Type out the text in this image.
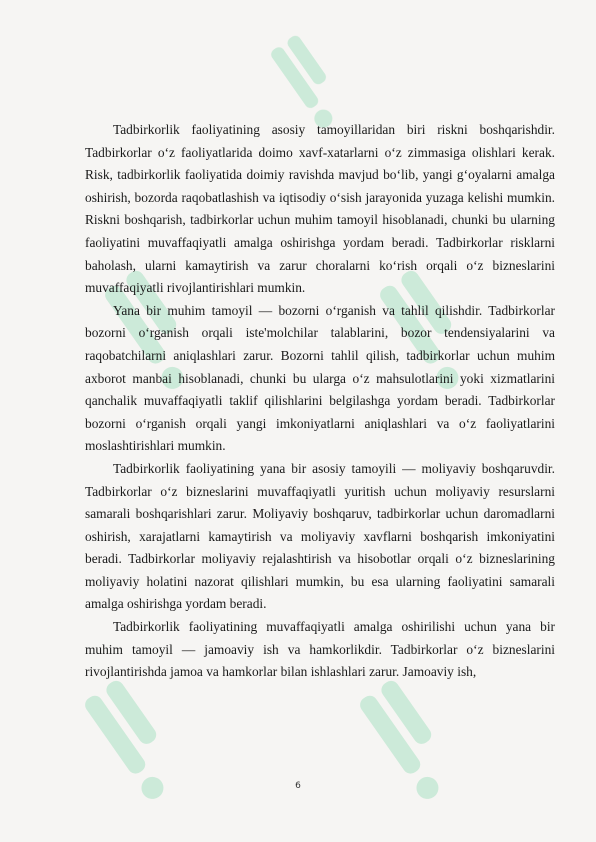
Tadbirkorlik faoliyatining asosiy tamoyillaridan biri riskni boshqarishdir. Tadbirkorlar o‘z faoliyatlarida doimo xavf-xatarlarni o‘z zimmasiga olishlari kerak. Risk, tadbirkorlik faoliyatida doimiy ravishda mavjud bo‘lib, yangi g‘oyalarni amalga oshirish, bozorda raqobatlashish va iqtisodiy o‘sish jarayonida yuzaga kelishi mumkin. Riskni boshqarish, tadbirkorlar uchun muhim tamoyil hisoblanadi, chunki bu ularning faoliyatini muvaffaqiyatli amalga oshirishga yordam beradi. Tadbirkorlar risklarni baholash, ularni kamaytirish va zarur choralarni ko‘rish orqali o‘z bizneslarini muvaffaqiyatli rivojlantirishlari mumkin.

Yana bir muhim tamoyil — bozorni o‘rganish va tahlil qilishdir. Tadbirkorlar bozorni o‘rganish orqali iste'molchilar talablarini, bozor tendensiyalarini va raqobatchilarni aniqlashlari zarur. Bozorni tahlil qilish, tadbirkorlar uchun muhim axborot manbai hisoblanadi, chunki bu ularga o‘z mahsulotlarini yoki xizmatlarini qanchalik muvaffaqiyatli taklif qilishlarini belgilashga yordam beradi. Tadbirkorlar bozorni o‘rganish orqali yangi imkoniyatlarni aniqlashlari va o‘z faoliyatlarini moslashtirishlari mumkin.

Tadbirkorlik faoliyatining yana bir asosiy tamoyili — moliyaviy boshqaruvdir. Tadbirkorlar o‘z bizneslarini muvaffaqiyatli yuritish uchun moliyaviy resurslarni samarali boshqarishlari zarur. Moliyaviy boshqaruv, tadbirkorlar uchun daromadlarni oshirish, xarajatlarni kamaytirish va moliyaviy xavflarni boshqarish imkoniyatini beradi. Tadbirkorlar moliyaviy rejalashtirish va hisobotlar orqali o‘z bizneslarining moliyaviy holatini nazorat qilishlari mumkin, bu esa ularning faoliyatini samarali amalga oshirishga yordam beradi.

Tadbirkorlik faoliyatining muvaffaqiyatli amalga oshirilishi uchun yana bir muhim tamoyil — jamoaviy ish va hamkorlikdir. Tadbirkorlar o‘z bizneslarini rivojlantirishda jamoa va hamkorlar bilan ishlashlari zarur. Jamoaviy ish,

6
